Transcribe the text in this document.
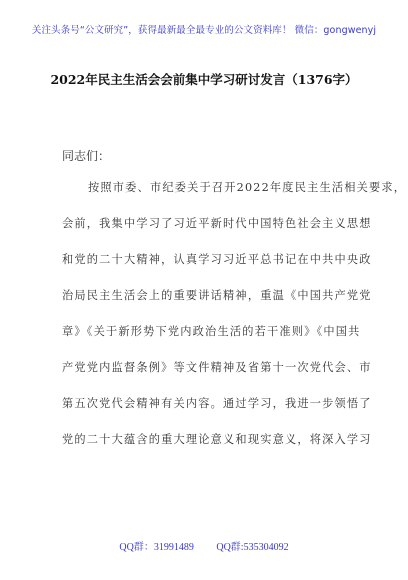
关注头条号“公文研究”，获得最新最全最专业的公文资料库！ 微信：gongwenyj
2022年民主生活会会前集中学习研讨发言（1376字）
同志们：
按照市委、市纪委关于召开2022年度民主生活相关要求，
会前，我集中学习了习近平新时代中国特色社会主义思想
和党的二十大精神，认真学习习近平总书记在中共中央政
治局民主生活会上的重要讲话精神，重温《中国共产党党
章》《关于新形势下党内政治生活的若干准则》《中国共
产党党内监督条例》等文件精神及省第十一次党代会、市
第五次党代会精神有关内容。通过学习，我进一步领悟了
党的二十大蕴含的重大理论意义和现实意义，将深入学习
QQ群：31991489 QQ群:535304092
